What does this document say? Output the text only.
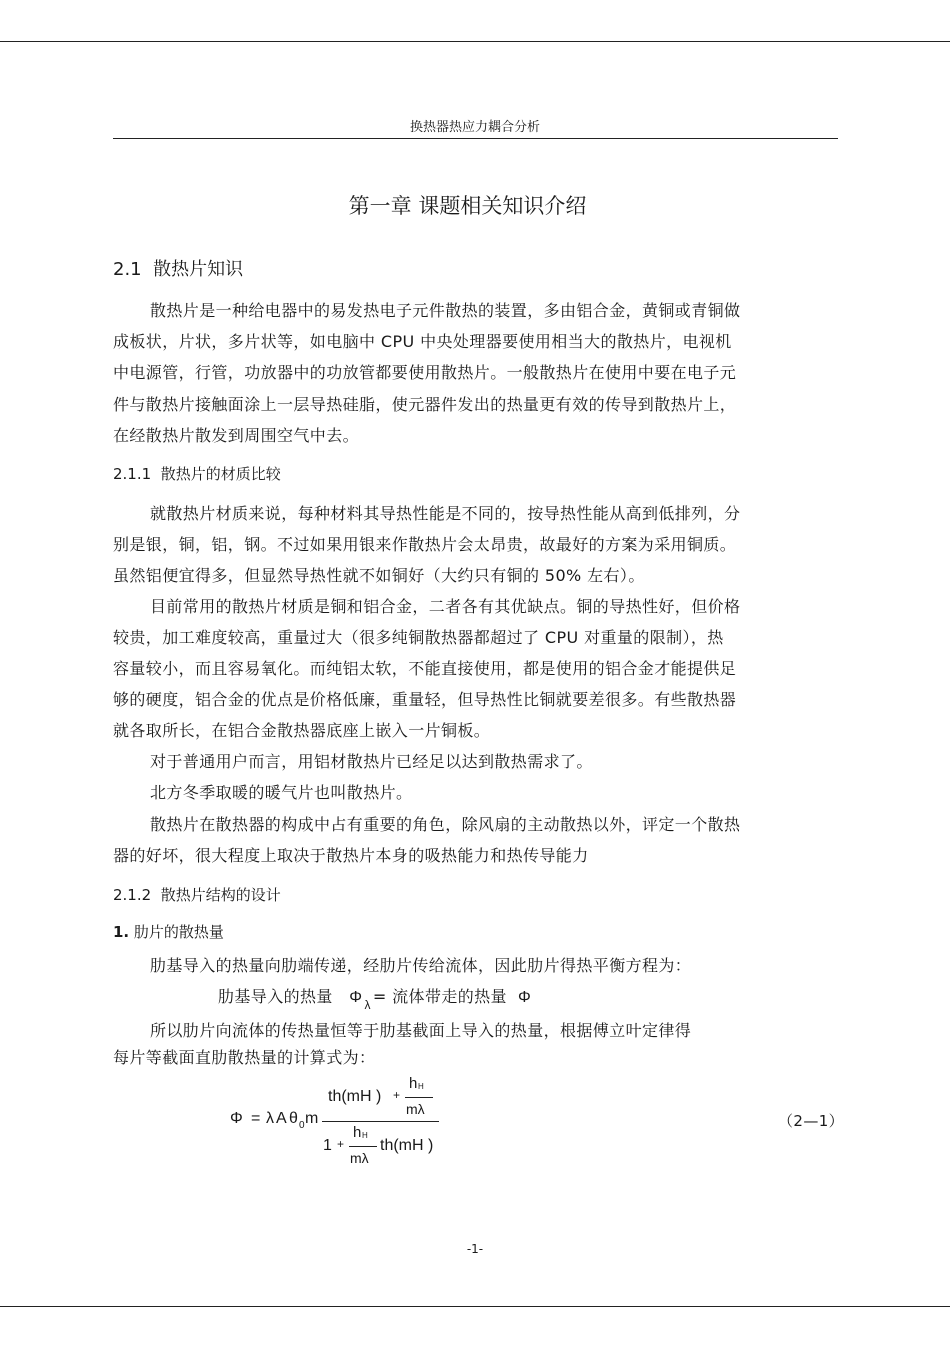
换热器热应力耦合分析
第一章 课题相关知识介绍
2.1 散热片知识
散热片是一种给电器中的易发热电子元件散热的装置，多由铝合金，黄铜或青铜做
成板状，片状，多片状等，如电脑中 CPU 中央处理器要使用相当大的散热片，电视机
中电源管，行管，功放器中的功放管都要使用散热片。一般散热片在使用中要在电子元
件与散热片接触面涂上一层导热硅脂，使元器件发出的热量更有效的传导到散热片上，
在经散热片散发到周围空气中去。
2.1.1 散热片的材质比较
就散热片材质来说，每种材料其导热性能是不同的，按导热性能从高到低排列，分
别是银，铜，铝，钢。不过如果用银来作散热片会太昂贵，故最好的方案为采用铜质。
虽然铝便宜得多，但显然导热性就不如铜好（大约只有铜的 50% 左右）。
目前常用的散热片材质是铜和铝合金，二者各有其优缺点。铜的导热性好，但价格
较贵，加工难度较高，重量过大（很多纯铜散热器都超过了 CPU 对重量的限制），热
容量较小，而且容易氧化。而纯铝太软，不能直接使用，都是使用的铝合金才能提供足
够的硬度，铝合金的优点是价格低廉，重量轻，但导热性比铜就要差很多。有些散热器
就各取所长，在铝合金散热器底座上嵌入一片铜板。
对于普通用户而言，用铝材散热片已经足以达到散热需求了。
北方冬季取暖的暖气片也叫散热片。
散热片在散热器的构成中占有重要的角色，除风扇的主动散热以外，评定一个散热
器的好坏，很大程度上取决于散热片本身的吸热能力和热传导能力
2.1.2 散热片结构的设计
1. 肋片的散热量
肋基导入的热量向肋端传递，经肋片传给流体，因此肋片得热平衡方程为：
肋基导入的热量 Φ $_\lambda$ = 流体带走的热量 Φ
所以肋片向流体的传热量恒等于肋基截面上导入的热量，根据傅立叶定律得
每片等截面直肋散热量的计算式为：
Φ = λ A θ 0 m
th(mH ) +
h H
mλ
1 +
h H
mλ
th(mH )
（2—1）
-1-
